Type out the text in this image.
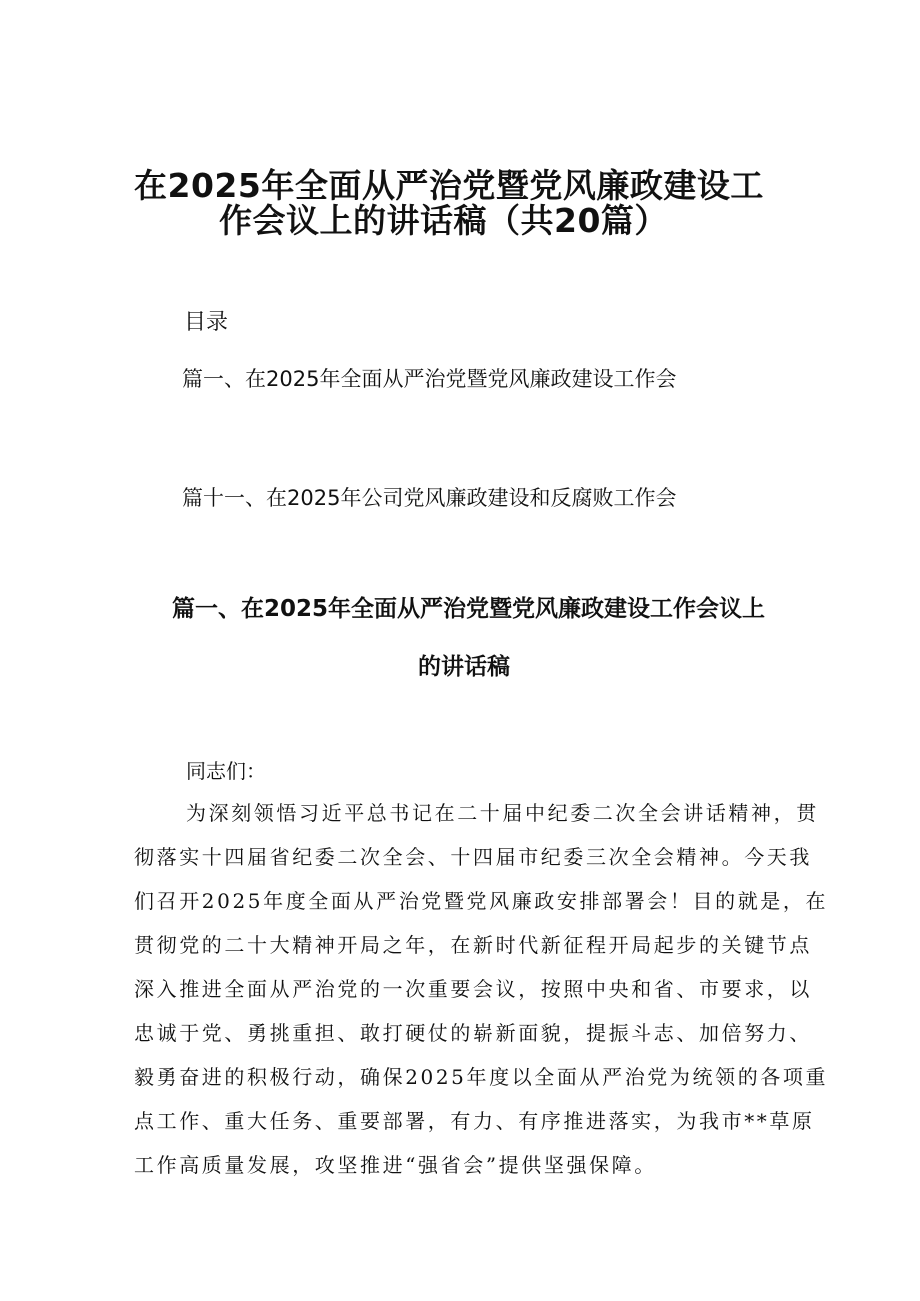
在2025年全面从严治党暨党风廉政建设工
作会议上的讲话稿（共20篇）
目录
篇一、在2025年全面从严治党暨党风廉政建设工作会
篇十一、在2025年公司党风廉政建设和反腐败工作会
篇一、在2025年全面从严治党暨党风廉政建设工作会议上
的讲话稿
同志们：
为深刻领悟习近平总书记在二十届中纪委二次全会讲话精神，贯
彻落实十四届省纪委二次全会、十四届市纪委三次全会精神。今天我
们召开2025年度全面从严治党暨党风廉政安排部署会！目的就是，在
贯彻党的二十大精神开局之年，在新时代新征程开局起步的关键节点
深入推进全面从严治党的一次重要会议，按照中央和省、市要求，以
忠诚于党、勇挑重担、敢打硬仗的崭新面貌，提振斗志、加倍努力、
毅勇奋进的积极行动，确保2025年度以全面从严治党为统领的各项重
点工作、重大任务、重要部署，有力、有序推进落实，为我市**草原
工作高质量发展，攻坚推进“强省会”提供坚强保障。
